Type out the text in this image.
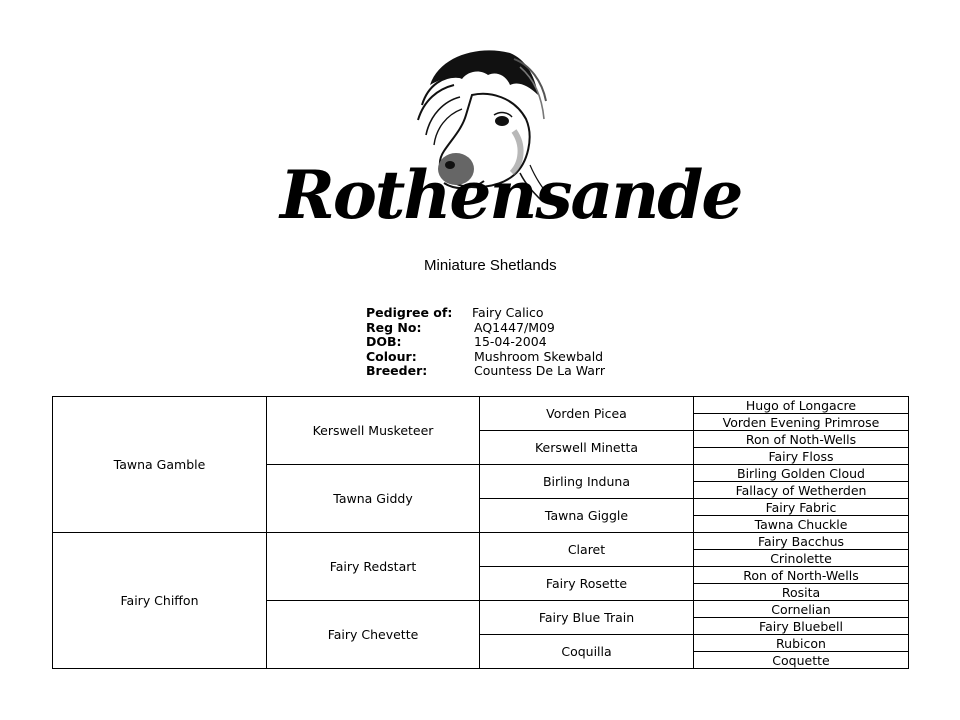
Rothensande
Miniature Shetlands
Pedigree of:	Fairy Calico
Reg No:	AQ1447/M09
DOB:	15-04-2004
Colour:	Mushroom Skewbald
Breeder:	Countess De La Warr
Tawna Gamble	Kerswell Musketeer	Vorden Picea	Hugo of Longacre
			Vorden Evening Primrose
		Kerswell Minetta	Ron of Noth-Wells
			Fairy Floss
	Tawna Giddy	Birling Induna	Birling Golden Cloud
			Fallacy of Wetherden
		Tawna Giggle	Fairy Fabric
			Tawna Chuckle
Fairy Chiffon	Fairy Redstart	Claret	Fairy Bacchus
			Crinolette
		Fairy Rosette	Ron of North-Wells
			Rosita
	Fairy Chevette	Fairy Blue Train	Cornelian
			Fairy Bluebell
		Coquilla	Rubicon
			Coquette
